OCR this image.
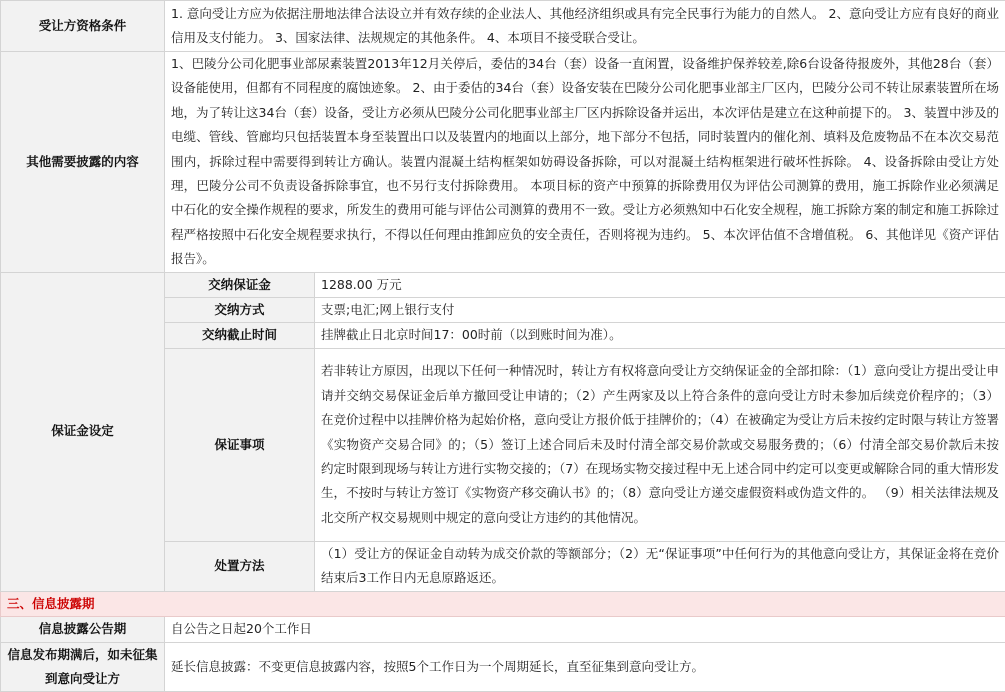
受让方资格条件	1. 意向受让方应为依据注册地法律合法设立并有效存续的企业法人、其他经济组织或具有完全民事行为能力的自然人。 2、意向受让方应有良好的商业信用及支付能力。 3、国家法律、法规规定的其他条件。 4、本项目不接受联合受让。	
其他需要披露的内容	1、巴陵分公司化肥事业部尿素装置2013年12月关停后，委估的34台（套）设备一直闲置，设备维护保养较差,除6台设备待报废外，其他28台（套）设备能使用，但都有不同程度的腐蚀迹象。 2、由于委估的34台（套）设备安装在巴陵分公司化肥事业部主厂区内，巴陵分公司不转让尿素装置所在场地，为了转让这34台（套）设备，受让方必须从巴陵分公司化肥事业部主厂区内拆除设备并运出，本次评估是建立在这种前提下的。 3、装置中涉及的电缆、管线、管廊均只包括装置本身至装置出口以及装置内的地面以上部分，地下部分不包括，同时装置内的催化剂、填料及危废物品不在本次交易范围内，拆除过程中需要得到转让方确认。装置内混凝土结构框架如妨碍设备拆除，可以对混凝土结构框架进行破坏性拆除。 4、设备拆除由受让方处理，巴陵分公司不负责设备拆除事宜，也不另行支付拆除费用。 本项目标的资产中预算的拆除费用仅为评估公司测算的费用，施工拆除作业必须满足中石化的安全操作规程的要求，所发生的费用可能与评估公司测算的费用不一致。受让方必须熟知中石化安全规程，施工拆除方案的制定和施工拆除过程严格按照中石化安全规程要求执行，不得以任何理由推卸应负的安全责任，否则将视为违约。 5、本次评估值不含增值税。 6、其他详见《资产评估报告》。	
保证金设定	交纳保证金	1288.00 万元
	交纳方式	支票;电汇;网上银行支付
	交纳截止时间	挂牌截止日北京时间17：00时前（以到账时间为准）。
	保证事项	若非转让方原因，出现以下任何一种情况时，转让方有权将意向受让方交纳保证金的全部扣除：（1）意向受让方提出受让申请并交纳交易保证金后单方撤回受让申请的；（2）产生两家及以上符合条件的意向受让方时未参加后续竞价程序的；（3）在竞价过程中以挂牌价格为起始价格，意向受让方报价低于挂牌价的；（4）在被确定为受让方后未按约定时限与转让方签署《实物资产交易合同》的；（5）签订上述合同后未及时付清全部交易价款或交易服务费的；（6）付清全部交易价款后未按约定时限到现场与转让方进行实物交接的；（7）在现场实物交接过程中无上述合同中约定可以变更或解除合同的重大情形发生，不按时与转让方签订《实物资产移交确认书》的；（8）意向受让方递交虚假资料或伪造文件的。 （9）相关法律法规及北交所产权交易规则中规定的意向受让方违约的其他情况。
	处置方法	（1）受让方的保证金自动转为成交价款的等额部分；（2）无“保证事项”中任何行为的其他意向受让方，其保证金将在竞价结束后3工作日内无息原路返还。
三、信息披露期		
信息披露公告期	自公告之日起20个工作日	
信息发布期满后，如未征集到意向受让方	延长信息披露：不变更信息披露内容，按照5个工作日为一个周期延长，直至征集到意向受让方。	
